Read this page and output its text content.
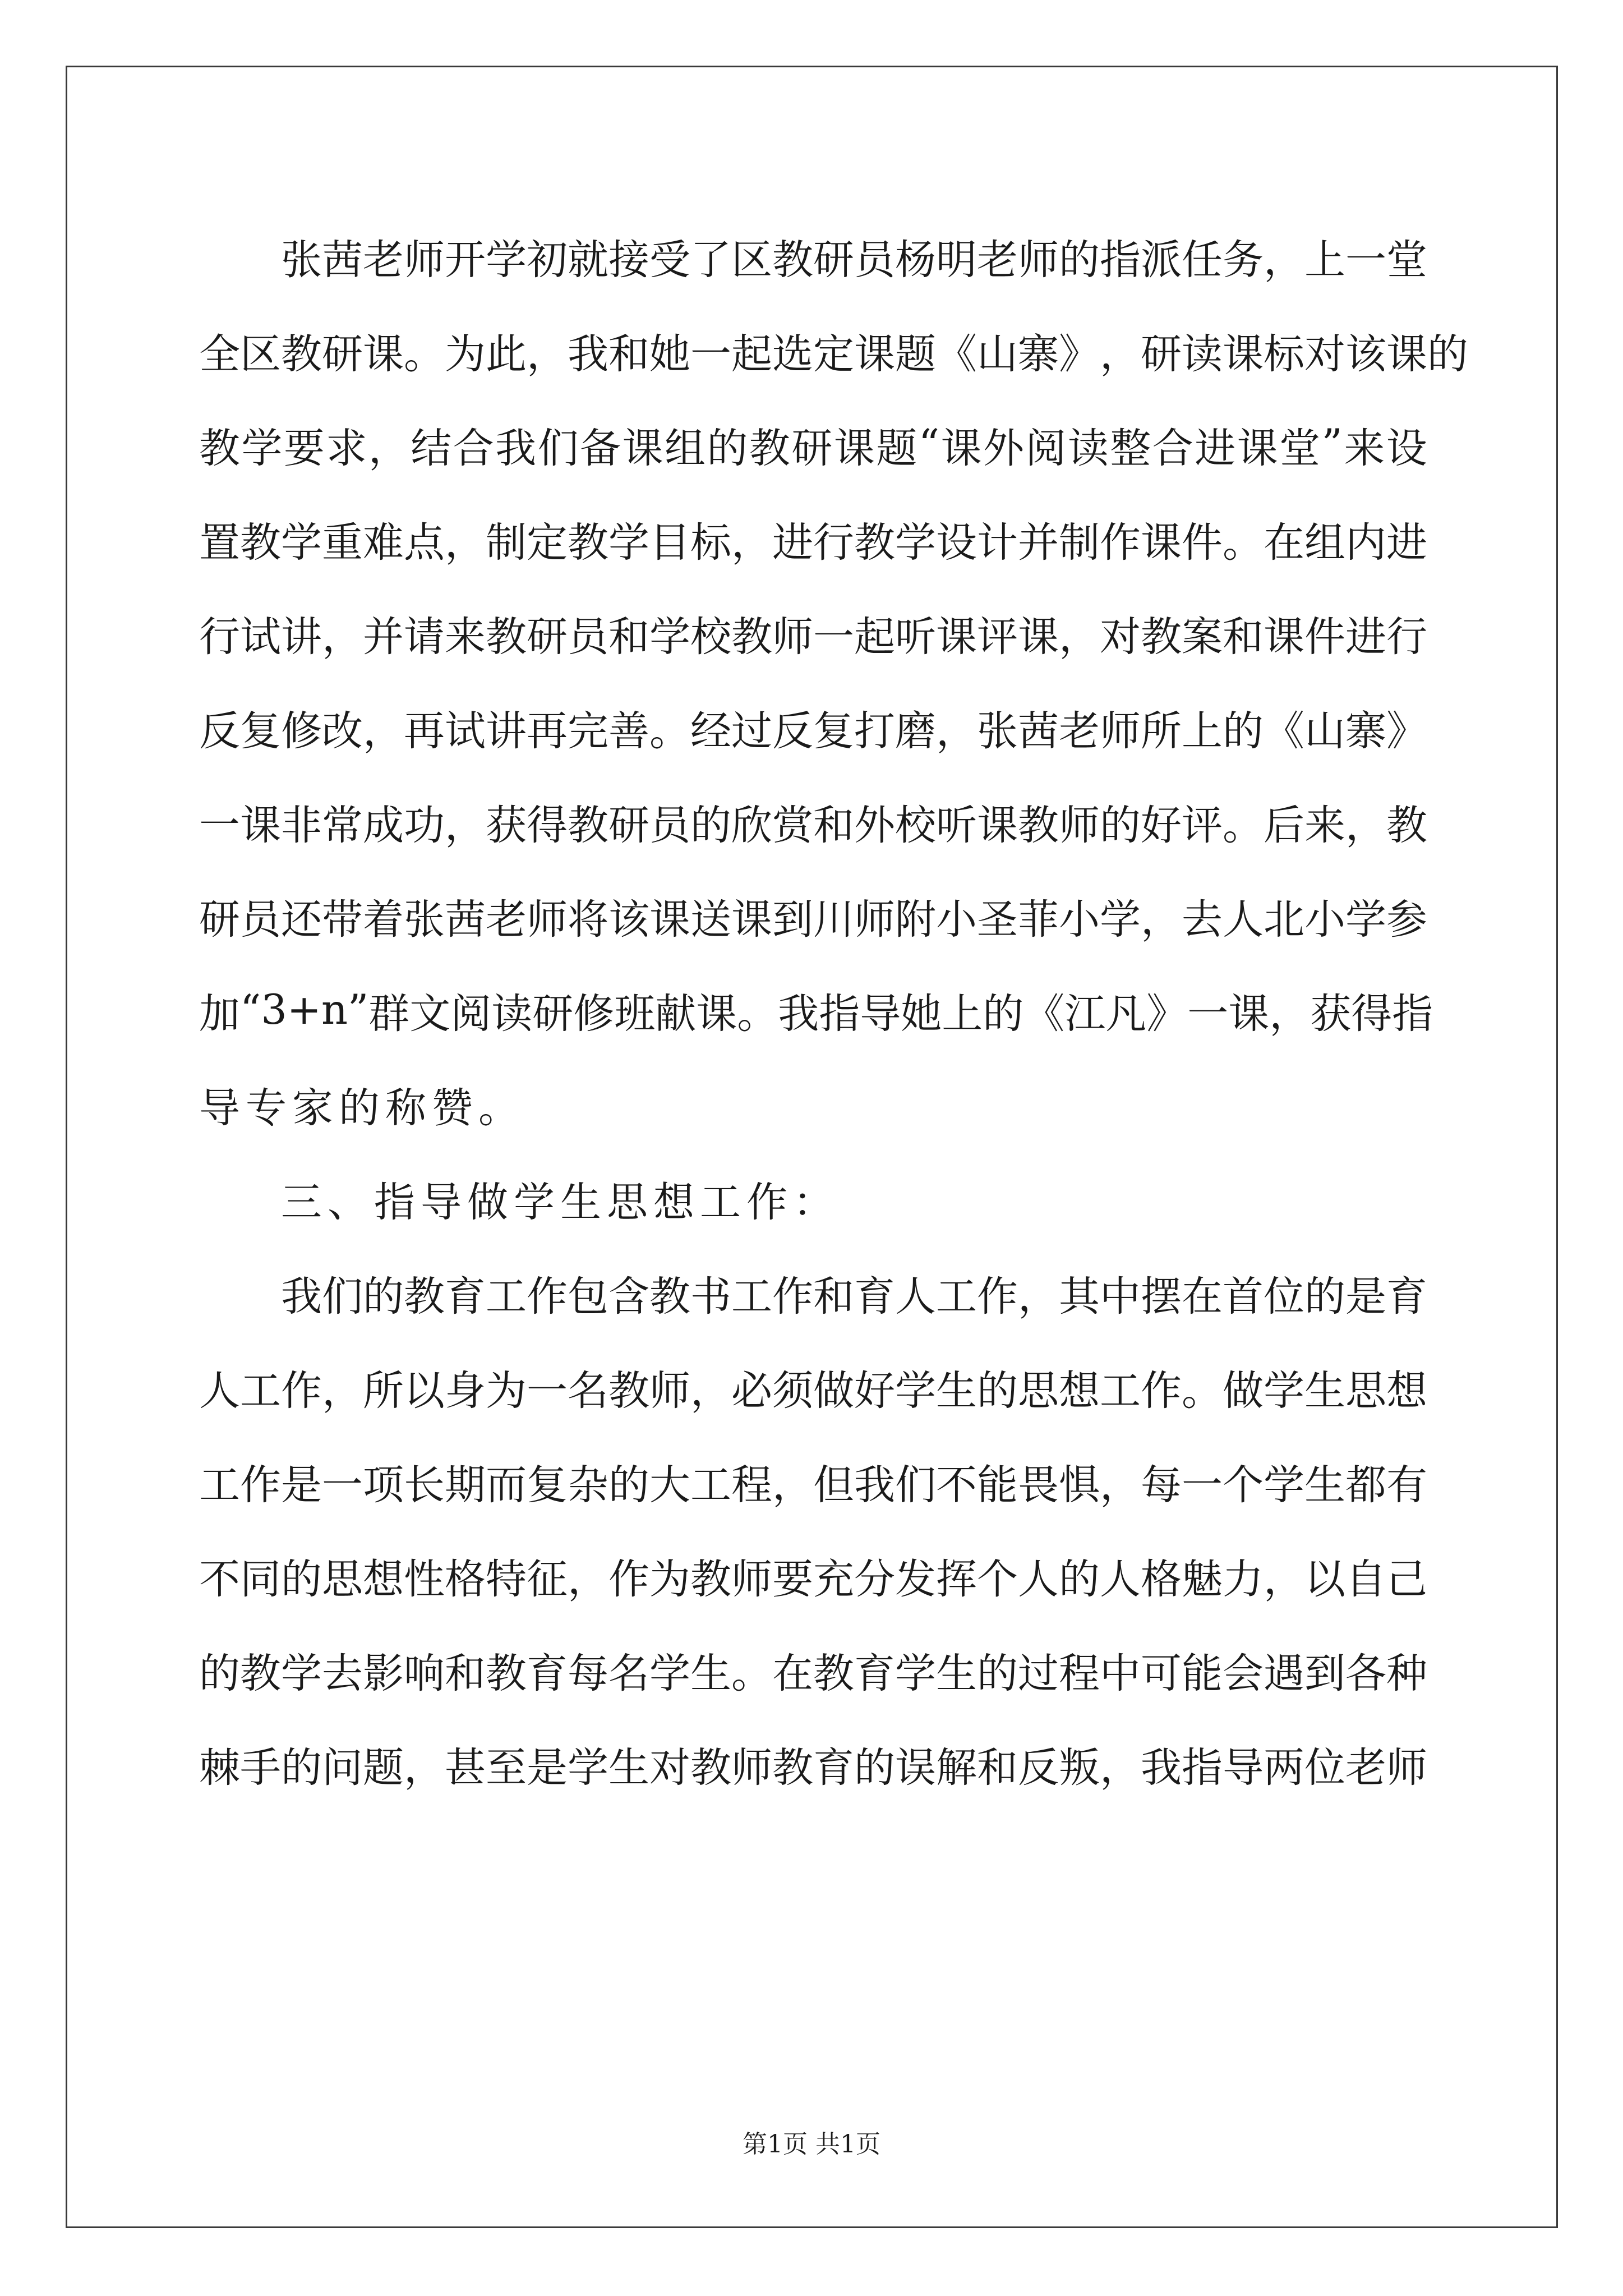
张 茜 老 师 开 学 初 就 接 受 了 区 教 研 员 杨 明 老 师 的 指 派 任 务 ， 上 一 堂
全 区 教 研 课 。 为 此 ， 我 和 她 一 起 选 定 课 题 《 山 寨 》 ， 研 读 课 标 对 该 课 的
教 学 要 求 ， 结 合 我 们 备 课 组 的 教 研 课 题 “ 课 外 阅 读 整 合 进 课 堂 ” 来 设
置 教 学 重 难 点 ， 制 定 教 学 目 标 ， 进 行 教 学 设 计 并 制 作 课 件 。 在 组 内 进
行 试 讲 ， 并 请 来 教 研 员 和 学 校 教 师 一 起 听 课 评 课 ， 对 教 案 和 课 件 进 行
反 复 修 改 ， 再 试 讲 再 完 善 。 经 过 反 复 打 磨 ， 张 茜 老 师 所 上 的 《 山 寨 》
一 课 非 常 成 功 ， 获 得 教 研 员 的 欣 赏 和 外 校 听 课 教 师 的 好 评 。 后 来 ， 教
研 员 还 带 着 张 茜 老 师 将 该 课 送 课 到 川 师 附 小 圣 菲 小 学 ， 去 人 北 小 学 参
加 “ 3+n ” 群 文 阅 读 研 修 班 献 课 。 我 指 导 她 上 的 《 江 凡 》 一 课 ， 获 得 指
导专家的称赞。
三、指导做学生思想工作：
我 们 的 教 育 工 作 包 含 教 书 工 作 和 育 人 工 作 ， 其 中 摆 在 首 位 的 是 育
人 工 作 ， 所 以 身 为 一 名 教 师 ， 必 须 做 好 学 生 的 思 想 工 作 。 做 学 生 思 想
工 作 是 一 项 长 期 而 复 杂 的 大 工 程 ， 但 我 们 不 能 畏 惧 ， 每 一 个 学 生 都 有
不 同 的 思 想 性 格 特 征 ， 作 为 教 师 要 充 分 发 挥 个 人 的 人 格 魅 力 ， 以 自 己
的 教 学 去 影 响 和 教 育 每 名 学 生 。 在 教 育 学 生 的 过 程 中 可 能 会 遇 到 各 种
棘 手 的 问 题 ， 甚 至 是 学 生 对 教 师 教 育 的 误 解 和 反 叛 ， 我 指 导 两 位 老 师
第1页 共1页
